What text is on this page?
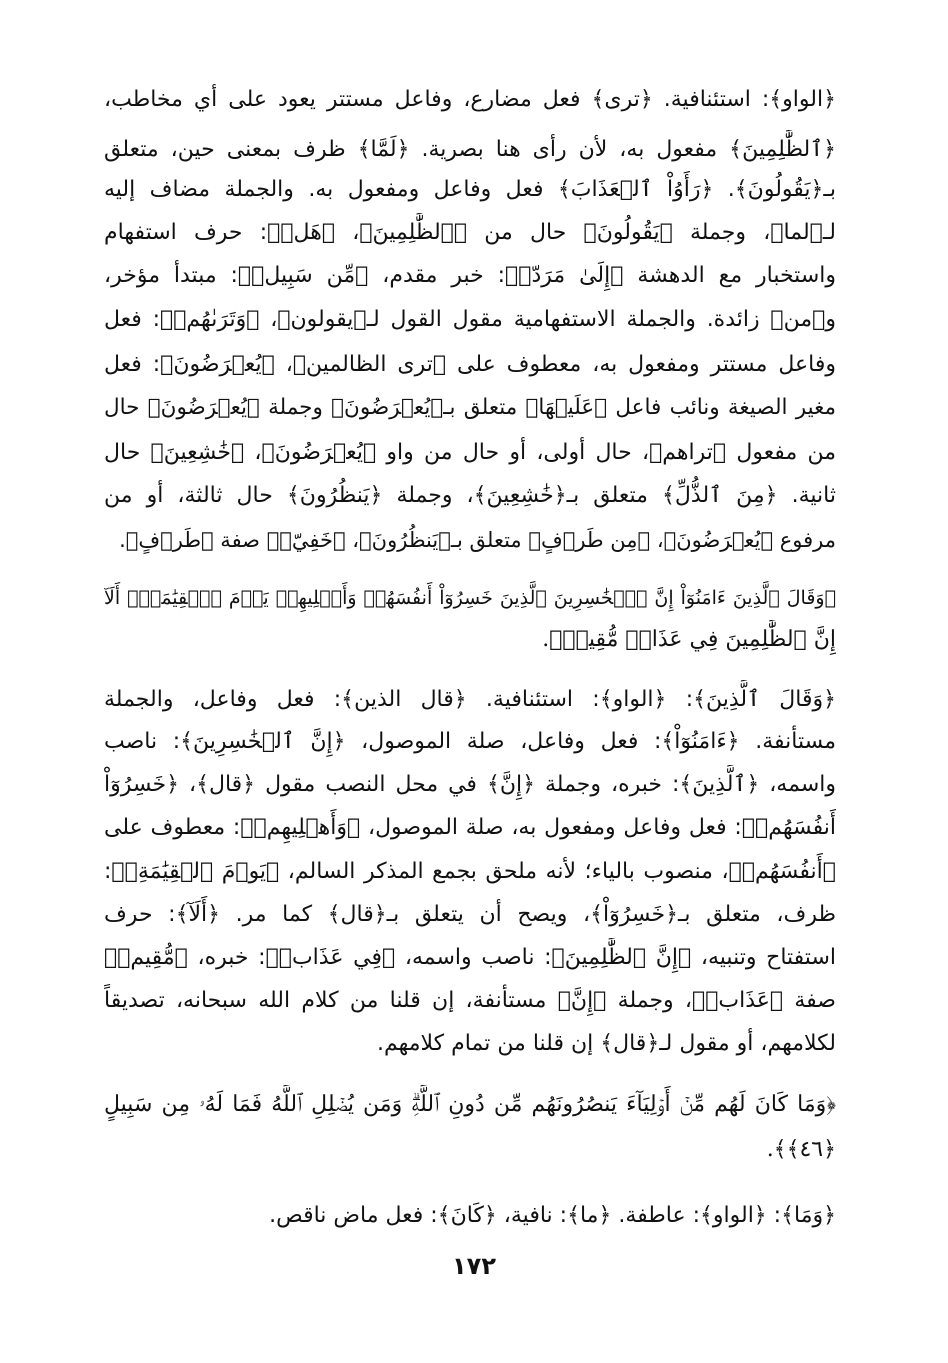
﴿الواو﴾: استئنافية. ﴿ترى﴾ فعل مضارع، وفاعل مستتر يعود على أي مخاطب،
﴿ٱلظَّٰلِمِينَ﴾ مفعول به، لأن رأى هنا بصرية. ﴿لَمَّا﴾ ظرف بمعنى حين، متعلق
بـ﴿يَقُولُونَ﴾. ﴿رَأَوُاْ ٱلۡعَذَابَ﴾ فعل وفاعل ومفعول به. والجملة مضاف إليه
لـ﴿لما﴾، وجملة ﴿يَقُولُونَ﴾ حال من ﴿ٱلظَّٰلِمِينَ﴾، ﴿هَلۡ﴾: حرف استفهام
واستخبار مع الدهشة ﴿إِلَىٰ مَرَدّٖ﴾: خبر مقدم، ﴿مِّن سَبِيلٖ﴾: مبتدأ مؤخر،
و﴿من﴾ زائدة. والجملة الاستفهامية مقول القول لـ﴿يقولون﴾، ﴿وَتَرَىٰهُمۡ﴾: فعل
وفاعل مستتر ومفعول به، معطوف على ﴿ترى الظالمين﴾، ﴿يُعۡرَضُونَ﴾: فعل
مغير الصيغة ونائب فاعل ﴿عَلَيۡهَا﴾ متعلق بـ﴿يُعۡرَضُونَ﴾ وجملة ﴿يُعۡرَضُونَ﴾ حال
من مفعول ﴿تراهم﴾، حال أولى، أو حال من واو ﴿يُعۡرَضُونَ﴾، ﴿خَٰشِعِينَ﴾ حال
ثانية. ﴿مِنَ ٱلذُّلِّ﴾ متعلق بـ﴿خَٰشِعِينَ﴾، وجملة ﴿يَنظُرُونَ﴾ حال ثالثة، أو من
مرفوع ﴿يُعۡرَضُونَ﴾، ﴿مِن طَرۡفٍ﴾ متعلق بـ﴿يَنظُرُونَ﴾، ﴿خَفِيّٖ﴾ صفة ﴿طَرۡفٍ﴾.
﴿وَقَالَ ٱلَّذِينَ ءَامَنُوٓاْ إِنَّ ٱلۡخَٰسِرِينَ ٱلَّذِينَ خَسِرُوٓاْ أَنفُسَهُمۡ وَأَهۡلِيهِمۡ يَوۡمَ ٱلۡقِيَٰمَةِۗ أَلَآ
إِنَّ ٱلظَّٰلِمِينَ فِي عَذَابٖ مُّقِيمٖ﴾.
﴿وَقَالَ ٱلَّذِينَ﴾: ﴿الواو﴾: استئنافية. ﴿قال الذين﴾: فعل وفاعل، والجملة
مستأنفة. ﴿ءَامَنُوٓاْ﴾: فعل وفاعل، صلة الموصول، ﴿إِنَّ ٱلۡخَٰسِرِينَ﴾: ناصب
واسمه، ﴿ٱلَّذِينَ﴾: خبره، وجملة ﴿إِنَّ﴾ في محل النصب مقول ﴿قال﴾، ﴿خَسِرُوٓاْ
أَنفُسَهُمۡ﴾: فعل وفاعل ومفعول به، صلة الموصول، ﴿وَأَهۡلِيهِمۡ﴾: معطوف على
﴿أَنفُسَهُمۡ﴾، منصوب بالياء؛ لأنه ملحق بجمع المذكر السالم، ﴿يَوۡمَ ٱلۡقِيَٰمَةِۗ﴾:
ظرف، متعلق بـ﴿خَسِرُوٓاْ﴾، ويصح أن يتعلق بـ﴿قال﴾ كما مر. ﴿أَلَآ﴾: حرف
استفتاح وتنبيه، ﴿إِنَّ ٱلظَّٰلِمِينَ﴾: ناصب واسمه، ﴿فِي عَذَابٖ﴾: خبره، ﴿مُّقِيمٖ﴾
صفة ﴿عَذَابٖ﴾، وجملة ﴿إِنَّ﴾ مستأنفة، إن قلنا من كلام الله سبحانه، تصديقاً
لكلامهم، أو مقول لـ﴿قال﴾ إن قلنا من تمام كلامهم.
﴿وَمَا كَانَ لَهُم مِّنۡ أَوۡلِيَآءَ يَنصُرُونَهُم مِّن دُونِ ٱللَّهِۗ وَمَن يُضۡلِلِ ٱللَّهُ فَمَا لَهُۥ مِن سَبِيلٍ
﴿٤٦﴾﴾.
﴿وَمَا﴾: ﴿الواو﴾: عاطفة. ﴿ما﴾: نافية، ﴿كَانَ﴾: فعل ماض ناقص.
١٧٢
